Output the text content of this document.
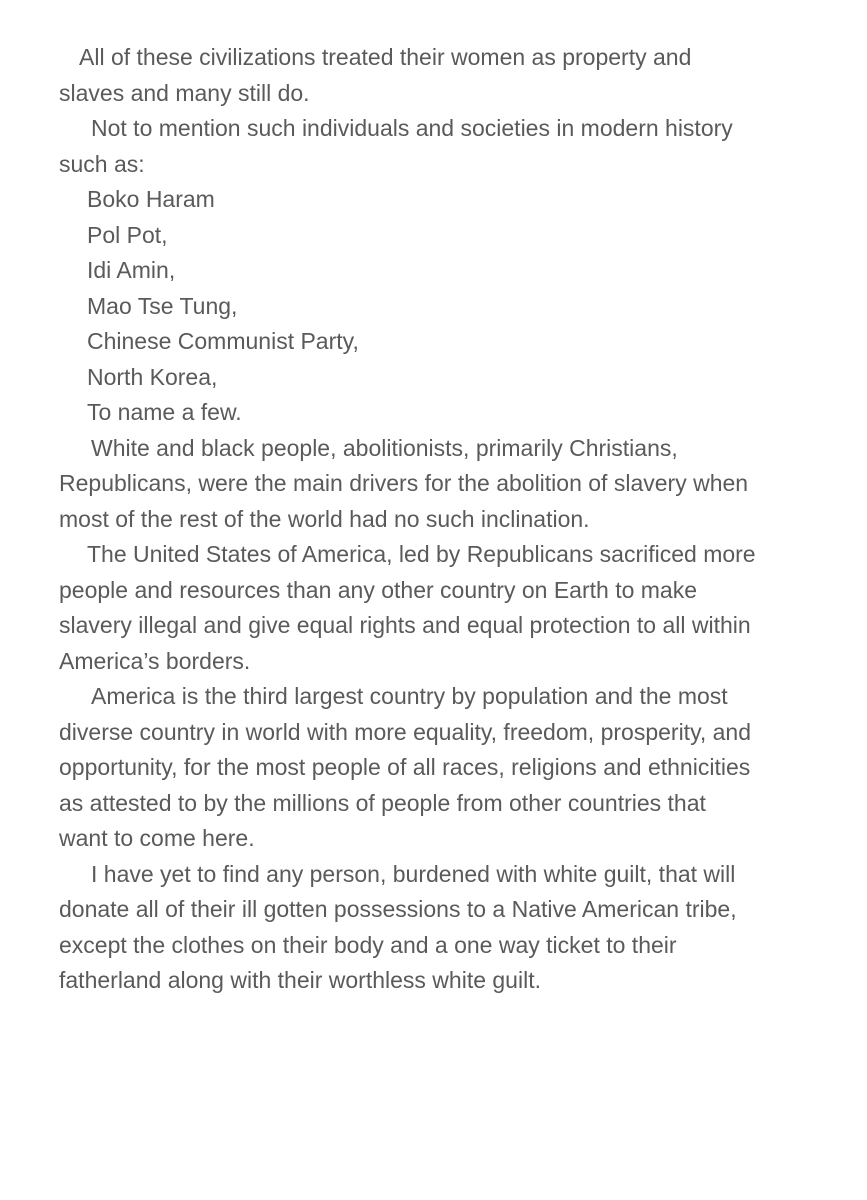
All of these civilizations treated their women as property and
slaves and many still do.
Not to mention such individuals and societies in modern history
such as:
Boko Haram
Pol Pot,
Idi Amin,
Mao Tse Tung,
Chinese Communist Party,
North Korea,
To name a few.
White and black people, abolitionists, primarily Christians,
Republicans, were the main drivers for the abolition of slavery when
most of the rest of the world had no such inclination.
The United States of America, led by Republicans sacrificed more
people and resources than any other country on Earth to make
slavery illegal and give equal rights and equal protection to all within
America’s borders.
America is the third largest country by population and the most
diverse country in world with more equality, freedom, prosperity, and
opportunity, for the most people of all races, religions and ethnicities
as attested to by the millions of people from other countries that
want to come here.
I have yet to find any person, burdened with white guilt, that will
donate all of their ill gotten possessions to a Native American tribe,
except the clothes on their body and a one way ticket to their
fatherland along with their worthless white guilt.
